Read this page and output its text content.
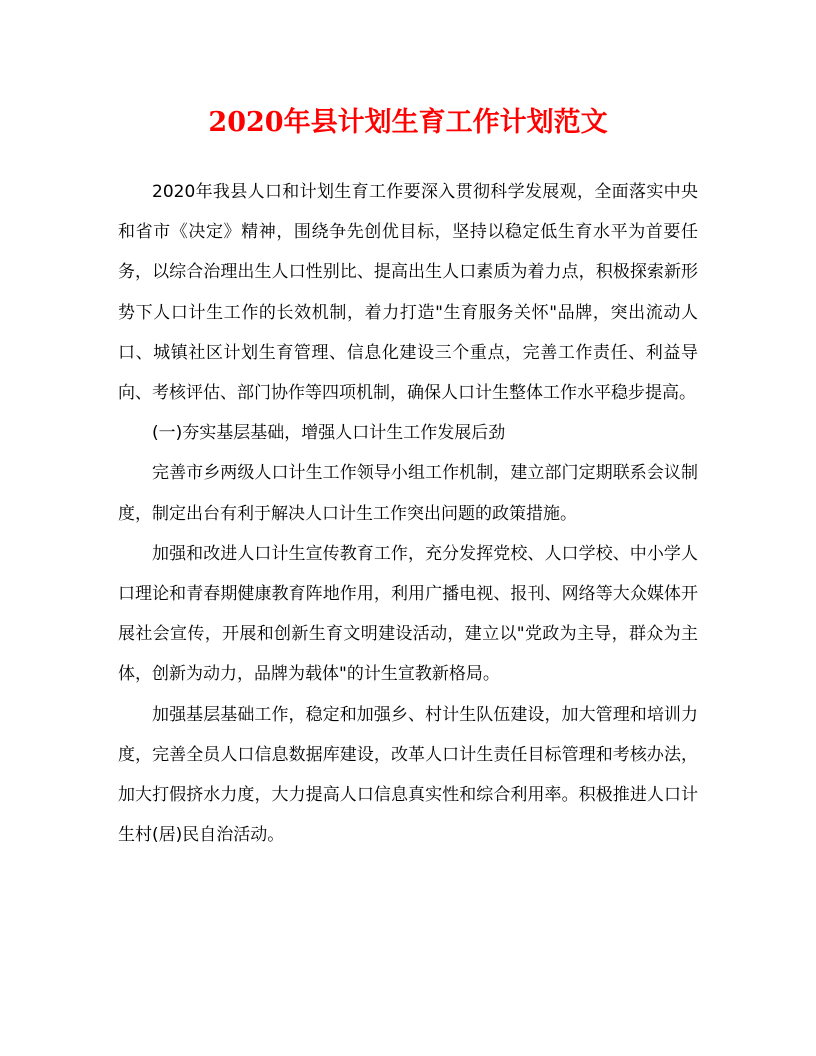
2020年县计划生育工作计划范文

2020年我县人口和计划生育工作要深入贯彻科学发展观，全面落实中央和省市《决定》精神，围绕争先创优目标，坚持以稳定低生育水平为首要任务，以综合治理出生人口性别比、提高出生人口素质为着力点，积极探索新形势下人口计生工作的长效机制，着力打造"生育服务关怀"品牌，突出流动人口、城镇社区计划生育管理、信息化建设三个重点，完善工作责任、利益导向、考核评估、部门协作等四项机制，确保人口计生整体工作水平稳步提高。

(一)夯实基层基础，增强人口计生工作发展后劲

完善市乡两级人口计生工作领导小组工作机制，建立部门定期联系会议制度，制定出台有利于解决人口计生工作突出问题的政策措施。

加强和改进人口计生宣传教育工作，充分发挥党校、人口学校、中小学人口理论和青春期健康教育阵地作用，利用广播电视、报刊、网络等大众媒体开展社会宣传，开展和创新生育文明建设活动，建立以"党政为主导，群众为主体，创新为动力，品牌为载体"的计生宣教新格局。

加强基层基础工作，稳定和加强乡、村计生队伍建设，加大管理和培训力度，完善全员人口信息数据库建设，改革人口计生责任目标管理和考核办法，加大打假挤水力度，大力提高人口信息真实性和综合利用率。积极推进人口计生村(居)民自治活动。
